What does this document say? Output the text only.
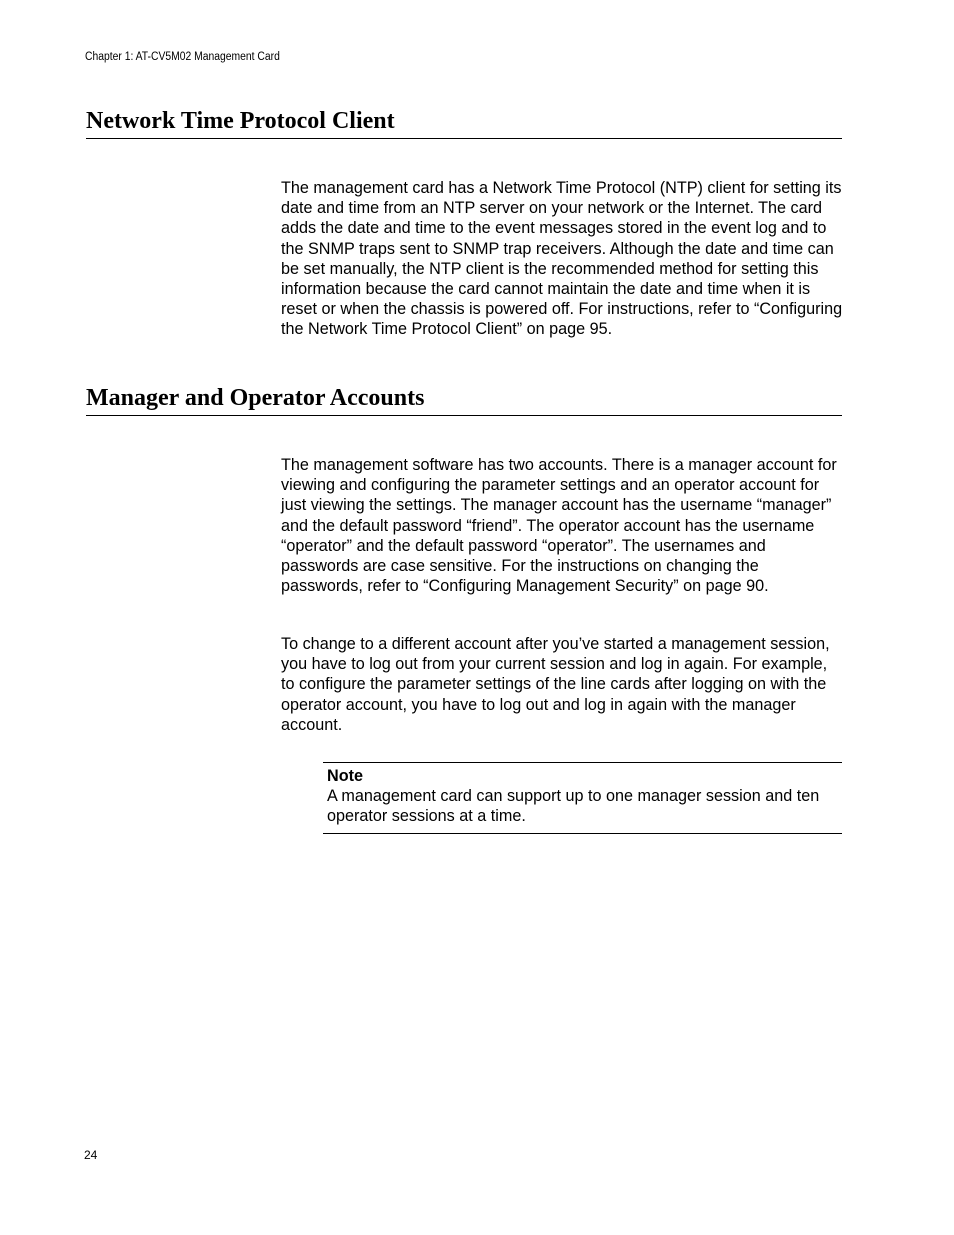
Chapter 1: AT-CV5M02 Management Card
Network Time Protocol Client

The management card has a Network Time Protocol (NTP) client for setting its date and time from an NTP server on your network or the Internet. The card adds the date and time to the event messages stored in the event log and to the SNMP traps sent to SNMP trap receivers. Although the date and time can be set manually, the NTP client is the recommended method for setting this information because the card cannot maintain the date and time when it is reset or when the chassis is powered off. For instructions, refer to “Configuring the Network Time Protocol Client” on page 95.

Manager and Operator Accounts

The management software has two accounts. There is a manager account for viewing and configuring the parameter settings and an operator account for just viewing the settings. The manager account has the username “manager” and the default password “friend”. The operator account has the username “operator” and the default password “operator”. The usernames and passwords are case sensitive. For the instructions on changing the passwords, refer to “Configuring Management Security” on page 90.

To change to a different account after you’ve started a management session, you have to log out from your current session and log in again. For example, to configure the parameter settings of the line cards after logging on with the operator account, you have to log out and log in again with the manager account.

Note
A management card can support up to one manager session and ten operator sessions at a time.
24
